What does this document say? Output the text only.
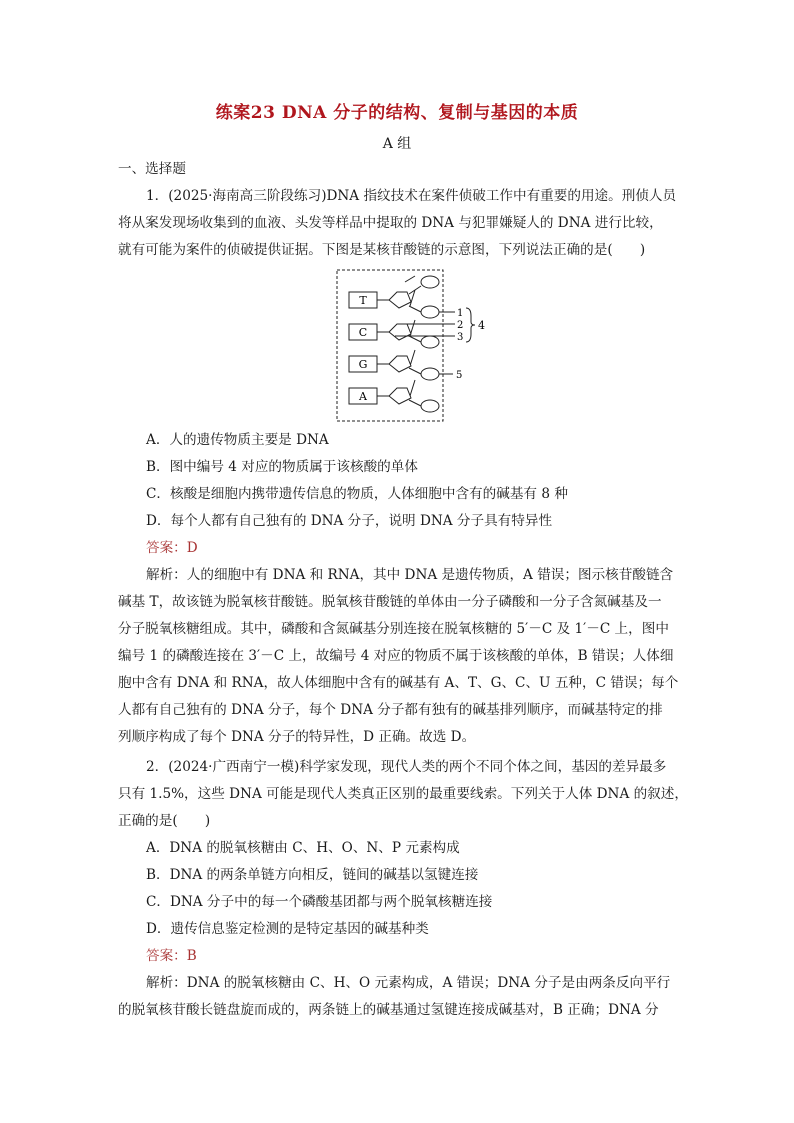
练案23 DNA 分子的结构、复制与基因的本质
A 组
一、选择题
1．(2025·海南高三阶段练习)DNA 指纹技术在案件侦破工作中有重要的用途。刑侦人员
将从案发现场收集到的血液、头发等样品中提取的 DNA 与犯罪嫌疑人的 DNA 进行比较，
就有可能为案件的侦破提供证据。下图是某核苷酸链的示意图，下列说法正确的是(　　)
T
C
G
A
1
2
3
4
5
A．人的遗传物质主要是 DNA
B．图中编号 4 对应的物质属于该核酸的单体
C．核酸是细胞内携带遗传信息的物质，人体细胞中含有的碱基有 8 种
D．每个人都有自己独有的 DNA 分子，说明 DNA 分子具有特异性
答案：D
解析：人的细胞中有 DNA 和 RNA，其中 DNA 是遗传物质，A 错误；图示核苷酸链含
碱基 T，故该链为脱氧核苷酸链。脱氧核苷酸链的单体由一分子磷酸和一分子含氮碱基及一
分子脱氧核糖组成。其中，磷酸和含氮碱基分别连接在脱氧核糖的 5′－C 及 1′－C 上，图中
编号 1 的磷酸连接在 3′－C 上，故编号 4 对应的物质不属于该核酸的单体，B 错误；人体细
胞中含有 DNA 和 RNA，故人体细胞中含有的碱基有 A、T、G、C、U 五种，C 错误；每个
人都有自己独有的 DNA 分子，每个 DNA 分子都有独有的碱基排列顺序，而碱基特定的排
列顺序构成了每个 DNA 分子的特异性，D 正确。故选 D。
2．(2024·广西南宁一模)科学家发现，现代人类的两个不同个体之间，基因的差异最多
只有 1.5%，这些 DNA 可能是现代人类真正区别的最重要线索。下列关于人体 DNA 的叙述，
正确的是(　　)
A．DNA 的脱氧核糖由 C、H、O、N、P 元素构成
B．DNA 的两条单链方向相反，链间的碱基以氢键连接
C．DNA 分子中的每一个磷酸基团都与两个脱氧核糖连接
D．遗传信息鉴定检测的是特定基因的碱基种类
答案：B
解析：DNA 的脱氧核糖由 C、H、O 元素构成，A 错误；DNA 分子是由两条反向平行
的脱氧核苷酸长链盘旋而成的，两条链上的碱基通过氢键连接成碱基对，B 正确；DNA 分
